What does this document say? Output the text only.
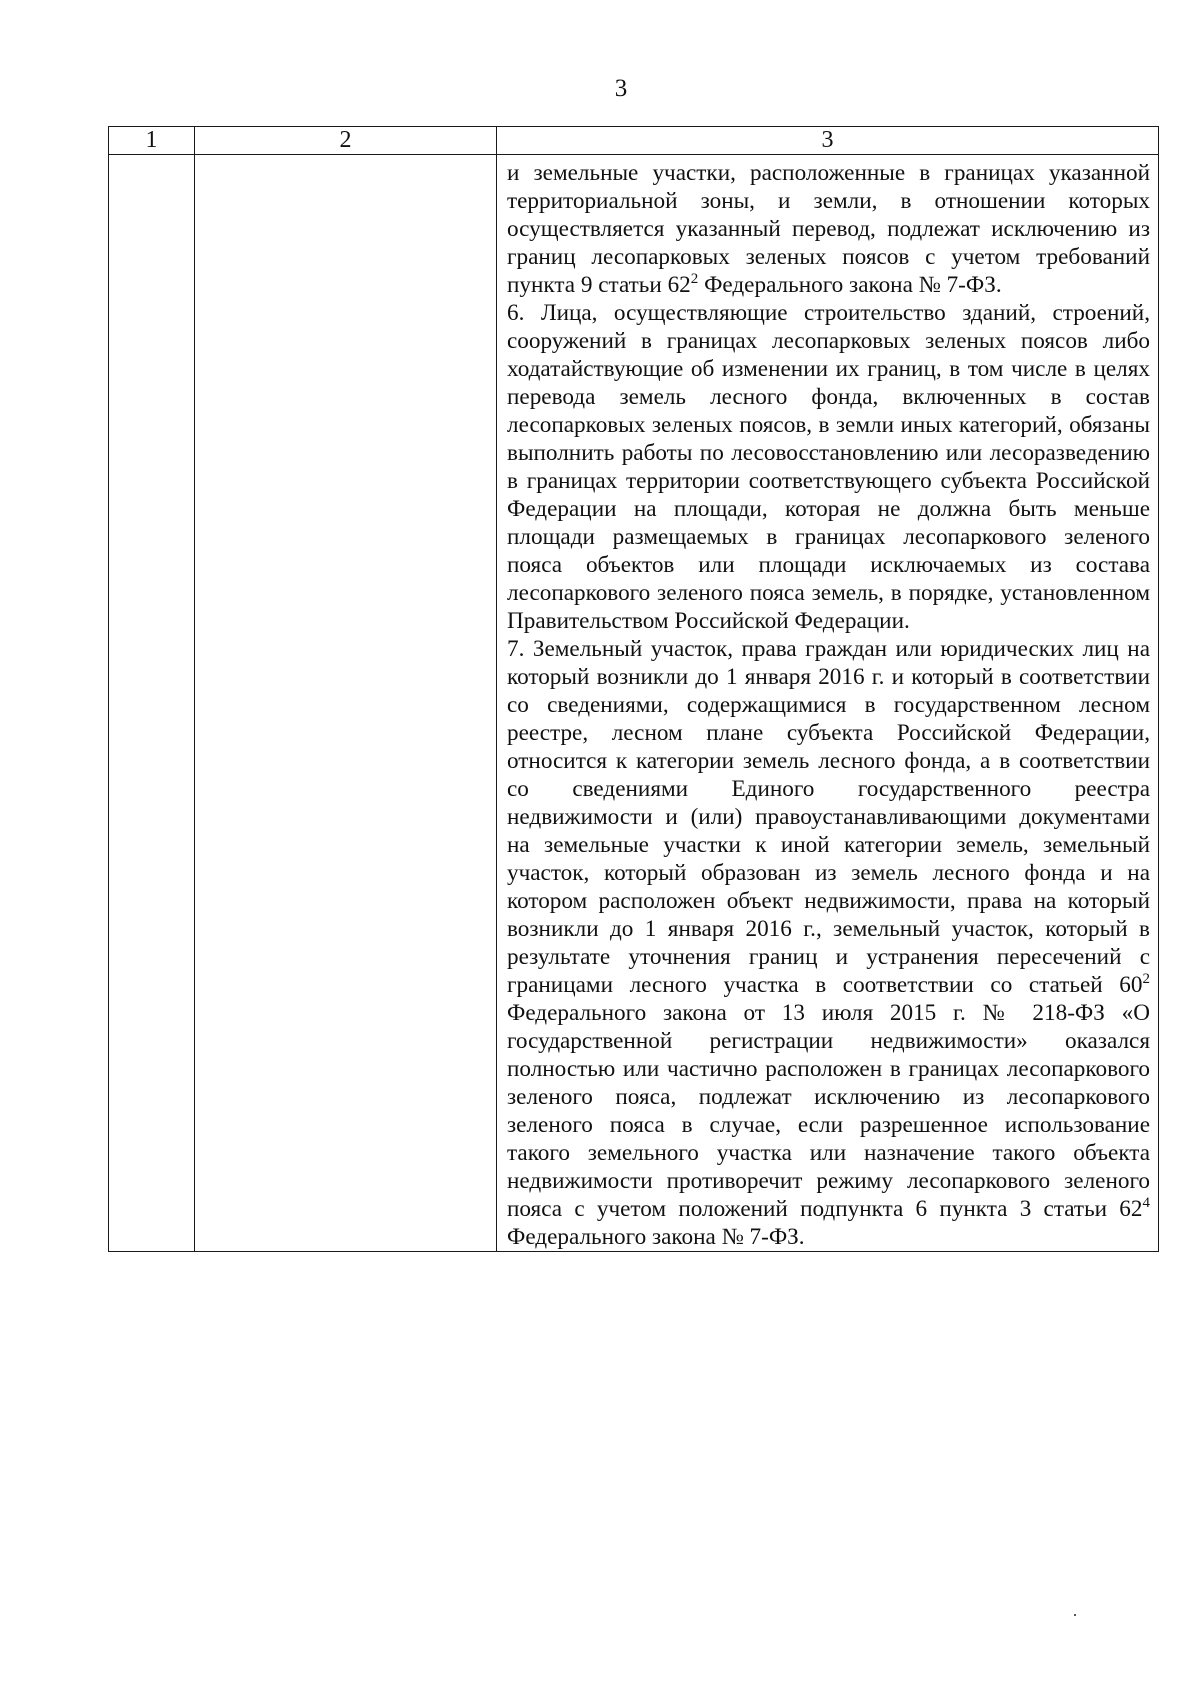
3
1	2	3

		и земельные участки, расположенные в границах указанной территориальной зоны, и земли, в отношении которых осуществляется указанный перевод, подлежат исключению из границ лесопарковых зеленых поясов с учетом требований пункта 9 статьи $62^2$ Федерального закона № 7-ФЗ.

6. Лица, осуществляющие строительство зданий, строений, сооружений в границах лесопарковых зеленых поясов либо ходатайствующие об изменении их границ, в том числе в целях перевода земель лесного фонда, включенных в состав лесопарковых зеленых поясов, в земли иных категорий, обязаны выполнить работы по лесовосстановлению или лесоразведению в границах территории соответствующего субъекта Российской Федерации на площади, которая не должна быть меньше площади размещаемых в границах лесопаркового зеленого пояса объектов или площади исключаемых из состава лесопаркового зеленого пояса земель, в порядке, установленном Правительством Российской Федерации.

7. Земельный участок, права граждан или юридических лиц на который возникли до 1 января 2016 г. и который в соответствии со сведениями, содержащимися в государственном лесном реестре, лесном плане субъекта Российской Федерации, относится к категории земель лесного фонда, а в соответствии со сведениями Единого государственного реестра недвижимости и (или) правоустанавливающими документами на земельные участки к иной категории земель, земельный участок, который образован из земель лесного фонда и на котором расположен объект недвижимости, права на который возникли до 1 января 2016 г., земельный участок, который в результате уточнения границ и устранения пересечений с границами лесного участка в соответствии со статьей $60^2$ Федерального закона от 13 июля 2015 г. № 218-ФЗ «О государственной регистрации недвижимости» оказался полностью или частично расположен в границах лесопаркового зеленого пояса, подлежат исключению из лесопаркового зеленого пояса в случае, если разрешенное использование такого земельного участка или назначение такого объекта недвижимости противоречит режиму лесопаркового зеленого пояса с учетом положений подпункта 6 пункта 3 статьи $62^4$ Федерального закона № 7-ФЗ.
